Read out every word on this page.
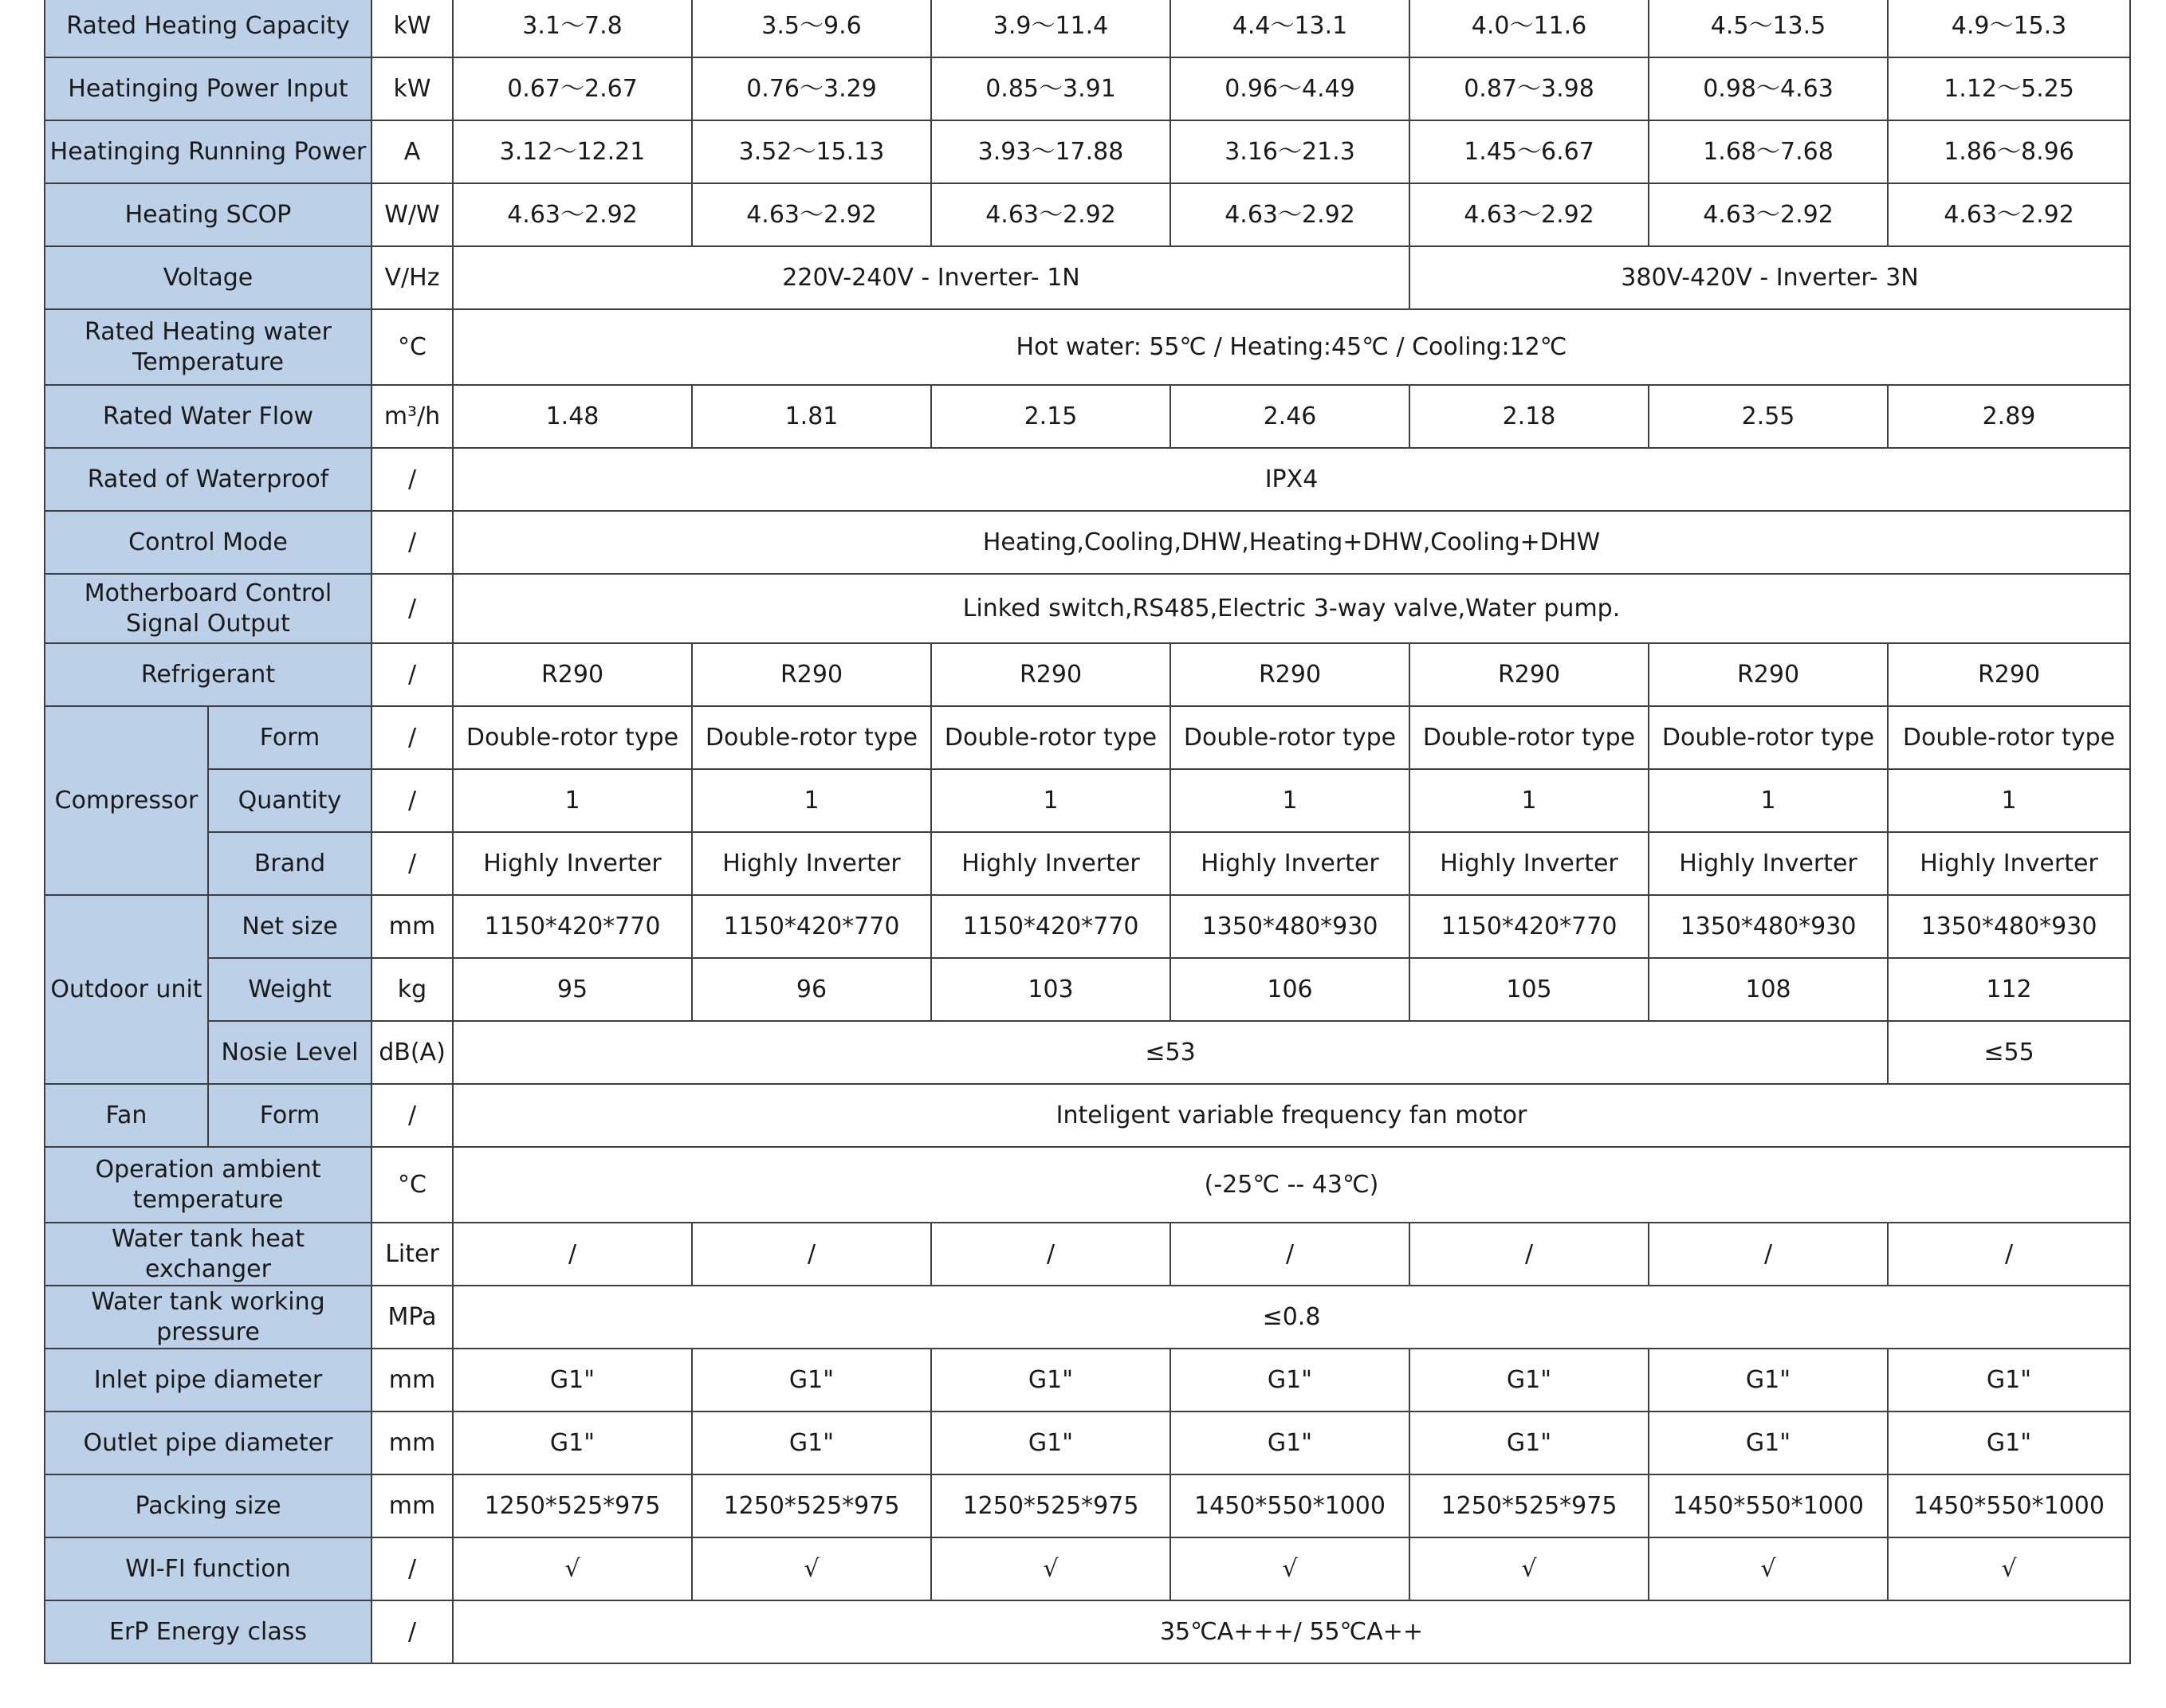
Rated Heating Capacity		kW	3.1～7.8	3.5～9.6	3.9～11.4	4.4～13.1	4.0～11.6	4.5～13.5	4.9～15.3
Heatinging Power Input		kW	0.67～2.67	0.76～3.29	0.85～3.91	0.96～4.49	0.87～3.98	0.98～4.63	1.12～5.25
Heatinging Running Power		A	3.12～12.21	3.52～15.13	3.93～17.88	3.16～21.3	1.45～6.67	1.68～7.68	1.86～8.96
Heating SCOP		W/W	4.63～2.92	4.63～2.92	4.63～2.92	4.63～2.92	4.63～2.92	4.63～2.92	4.63～2.92
Voltage		V/Hz	220V-240V - Inverter- 1N				380V-420V - Inverter- 3N		
Rated Heating water Temperature		°C	Hot water: 55℃ / Heating:45℃ / Cooling:12℃						
Rated Water Flow		m³/h	1.48	1.81	2.15	2.46	2.18	2.55	2.89
Rated of Waterproof		/	IPX4						
Control Mode		/	Heating,Cooling,DHW,Heating+DHW,Cooling+DHW						
Motherboard Control Signal Output		/	Linked switch,RS485,Electric 3-way valve,Water pump.						
Refrigerant		/	R290	R290	R290	R290	R290	R290	R290
Compressor	Form	/	Double-rotor type	Double-rotor type	Double-rotor type	Double-rotor type	Double-rotor type	Double-rotor type	Double-rotor type
	Quantity	/	1	1	1	1	1	1	1
	Brand	/	Highly Inverter	Highly Inverter	Highly Inverter	Highly Inverter	Highly Inverter	Highly Inverter	Highly Inverter
Outdoor unit	Net size	mm	1150*420*770	1150*420*770	1150*420*770	1350*480*930	1150*420*770	1350*480*930	1350*480*930
	Weight	kg	95	96	103	106	105	108	112
	Nosie Level	dB(A)	≤53						≤55
Fan	Form	/	Inteligent variable frequency fan motor						
Operation ambient temperature		°C	(-25℃ -- 43℃)						
Water tank heat exchanger		Liter	/	/	/	/	/	/	/
Water tank working pressure		MPa	≤0.8						
Inlet pipe diameter		mm	G1"	G1"	G1"	G1"	G1"	G1"	G1"
Outlet pipe diameter		mm	G1"	G1"	G1"	G1"	G1"	G1"	G1"
Packing size		mm	1250*525*975	1250*525*975	1250*525*975	1450*550*1000	1250*525*975	1450*550*1000	1450*550*1000
WI-FI function		/	√	√	√	√	√	√	√
ErP Energy class		/	35℃A+++/ 55℃A++						
